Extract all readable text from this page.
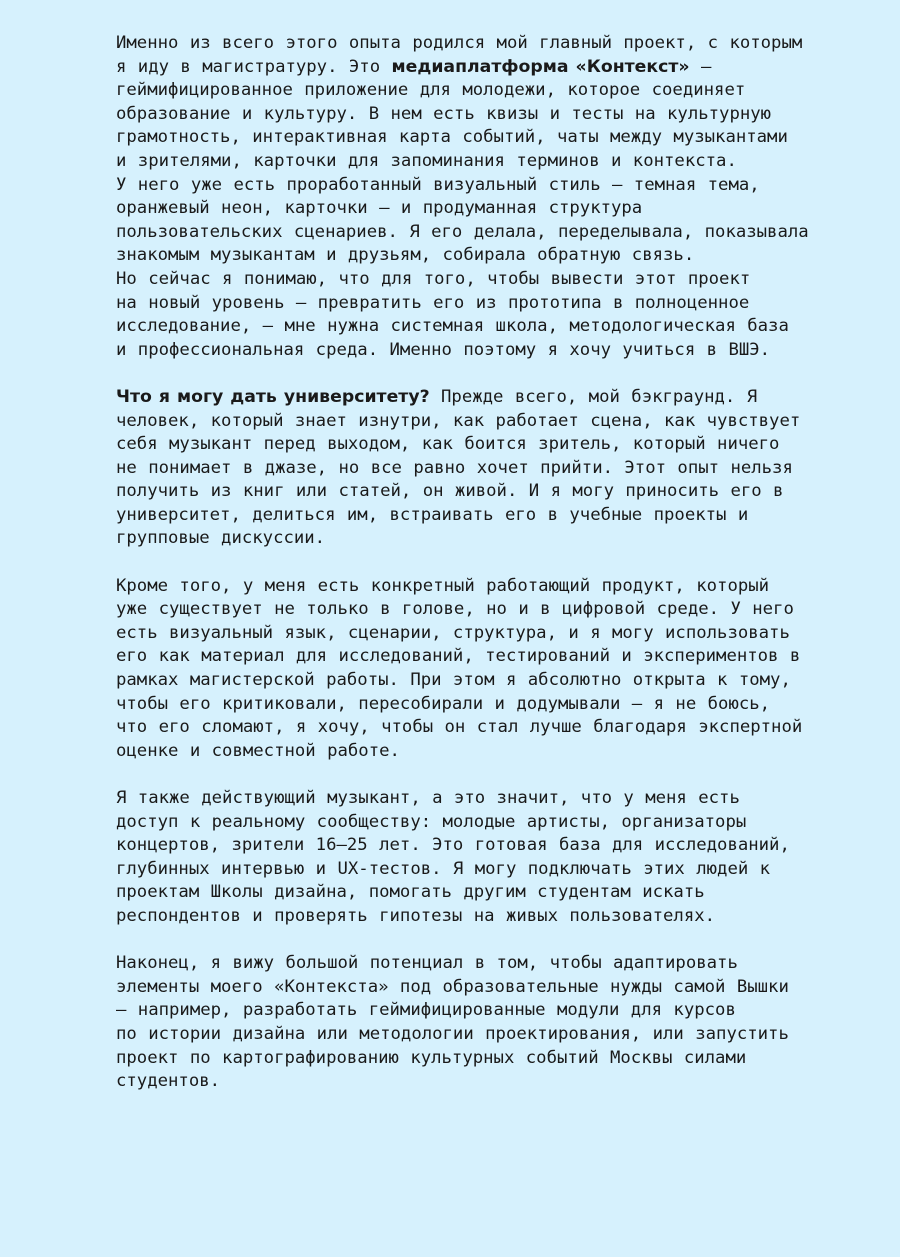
Именно из всего этого опыта родился мой главный проект, с которым
я иду в магистратуру. Это медиаплатформа «Контекст» –
геймифицированное приложение для молодежи, которое соединяет
образование и культуру. В нем есть квизы и тесты на культурную
грамотность, интерактивная карта событий, чаты между музыкантами
и зрителями, карточки для запоминания терминов и контекста.
У него уже есть проработанный визуальный стиль – темная тема,
оранжевый неон, карточки – и продуманная структура
пользовательских сценариев. Я его делала, переделывала, показывала
знакомым музыкантам и друзьям, собирала обратную связь.
Но сейчас я понимаю, что для того, чтобы вывести этот проект
на новый уровень – превратить его из прототипа в полноценное
исследование, – мне нужна системная школа, методологическая база
и профессиональная среда. Именно поэтому я хочу учиться в ВШЭ.

Что я могу дать университету? Прежде всего, мой бэкграунд. Я
человек, который знает изнутри, как работает сцена, как чувствует
себя музыкант перед выходом, как боится зритель, который ничего
не понимает в джазе, но все равно хочет прийти. Этот опыт нельзя
получить из книг или статей, он живой. И я могу приносить его в
университет, делиться им, встраивать его в учебные проекты и
групповые дискуссии.

Кроме того, у меня есть конкретный работающий продукт, который
уже существует не только в голове, но и в цифровой среде. У него
есть визуальный язык, сценарии, структура, и я могу использовать
его как материал для исследований, тестирований и экспериментов в
рамках магистерской работы. При этом я абсолютно открыта к тому,
чтобы его критиковали, пересобирали и додумывали – я не боюсь,
что его сломают, я хочу, чтобы он стал лучше благодаря экспертной
оценке и совместной работе.

Я также действующий музыкант, а это значит, что у меня есть
доступ к реальному сообществу: молодые артисты, организаторы
концертов, зрители 16–25 лет. Это готовая база для исследований,
глубинных интервью и UX-тестов. Я могу подключать этих людей к
проектам Школы дизайна, помогать другим студентам искать
респондентов и проверять гипотезы на живых пользователях.

Наконец, я вижу большой потенциал в том, чтобы адаптировать
элементы моего «Контекста» под образовательные нужды самой Вышки
– например, разработать геймифицированные модули для курсов
по истории дизайна или методологии проектирования, или запустить
проект по картографированию культурных событий Москвы силами
студентов.
